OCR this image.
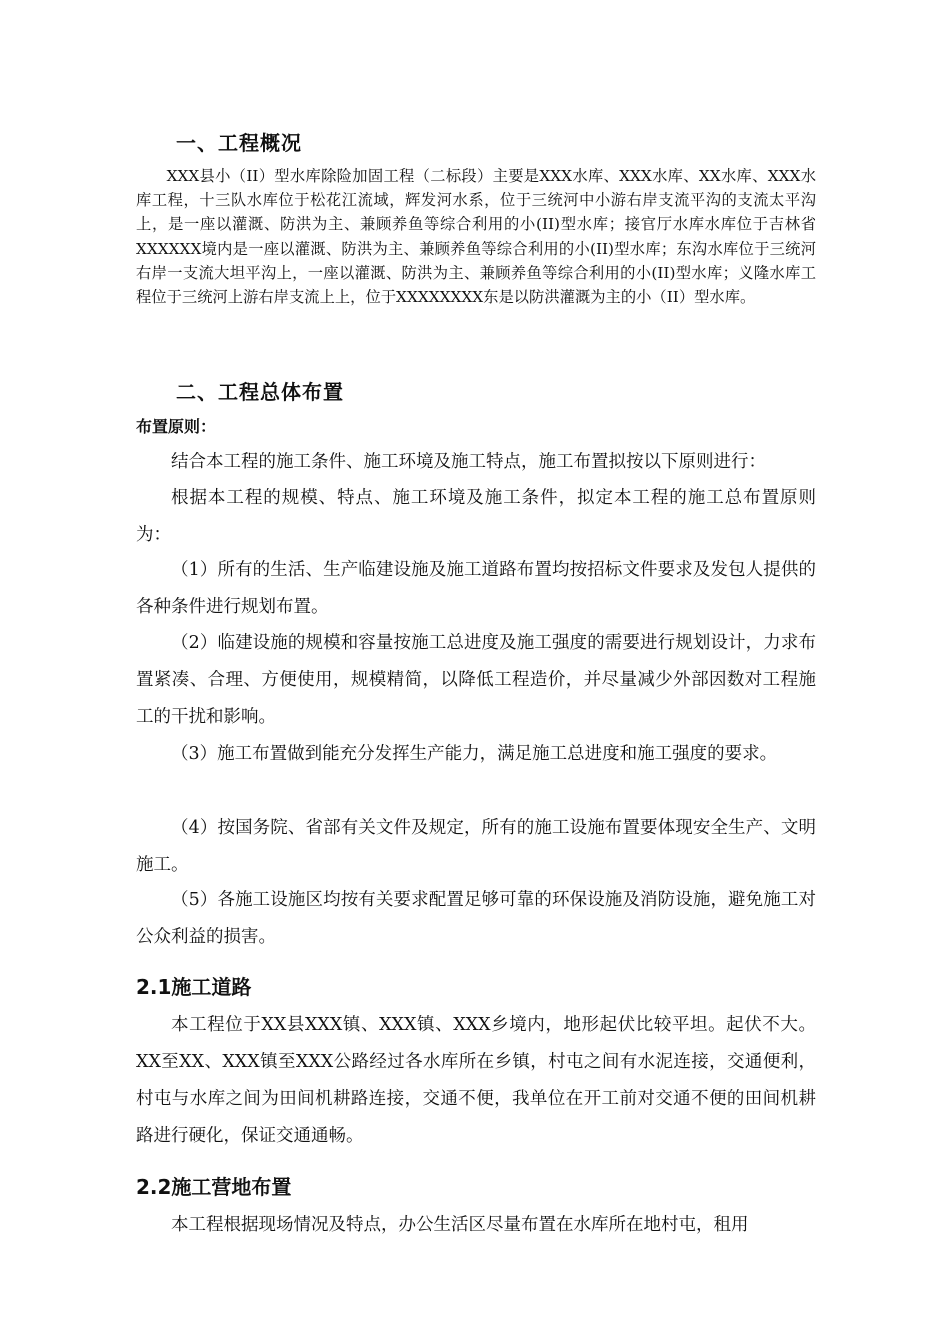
一、工程概况

XXX县小（II）型水库除险加固工程（二标段）主要是XXX水库、XXX水库、XX水库、XXX水库工程，十三队水库位于松花江流域，辉发河水系，位于三统河中小游右岸支流平沟的支流太平沟上，是一座以灌溉、防洪为主、兼顾养鱼等综合利用的小(II)型水库；接官厅水库水库位于吉林省XXXXXX境内是一座以灌溉、防洪为主、兼顾养鱼等综合利用的小(II)型水库；东沟水库位于三统河右岸一支流大坦平沟上，一座以灌溉、防洪为主、兼顾养鱼等综合利用的小(II)型水库；义隆水库工程位于三统河上游右岸支流上上，位于XXXXXXXX东是以防洪灌溉为主的小（II）型水库。

二、工程总体布置
布置原则：

结合本工程的施工条件、施工环境及施工特点，施工布置拟按以下原则进行：

根据本工程的规模、特点、施工环境及施工条件，拟定本工程的施工总布置原则为：

（1）所有的生活、生产临建设施及施工道路布置均按招标文件要求及发包人提供的各种条件进行规划布置。

（2）临建设施的规模和容量按施工总进度及施工强度的需要进行规划设计，力求布置紧凑、合理、方便使用，规模精简，以降低工程造价，并尽量减少外部因数对工程施工的干扰和影响。

（3）施工布置做到能充分发挥生产能力，满足施工总进度和施工强度的要求。

（4）按国务院、省部有关文件及规定，所有的施工设施布置要体现安全生产、文明施工。

（5）各施工设施区均按有关要求配置足够可靠的环保设施及消防设施，避免施工对公众利益的损害。

2.1施工道路

本工程位于XX县XXX镇、XXX镇、XXX乡境内，地形起伏比较平坦。起伏不大。XX至XX、XXX镇至XXX公路经过各水库所在乡镇，村屯之间有水泥连接，交通便利，村屯与水库之间为田间机耕路连接，交通不便，我单位在开工前对交通不便的田间机耕路进行硬化，保证交通通畅。

2.2施工营地布置

本工程根据现场情况及特点，办公生活区尽量布置在水库所在地村屯，租用
